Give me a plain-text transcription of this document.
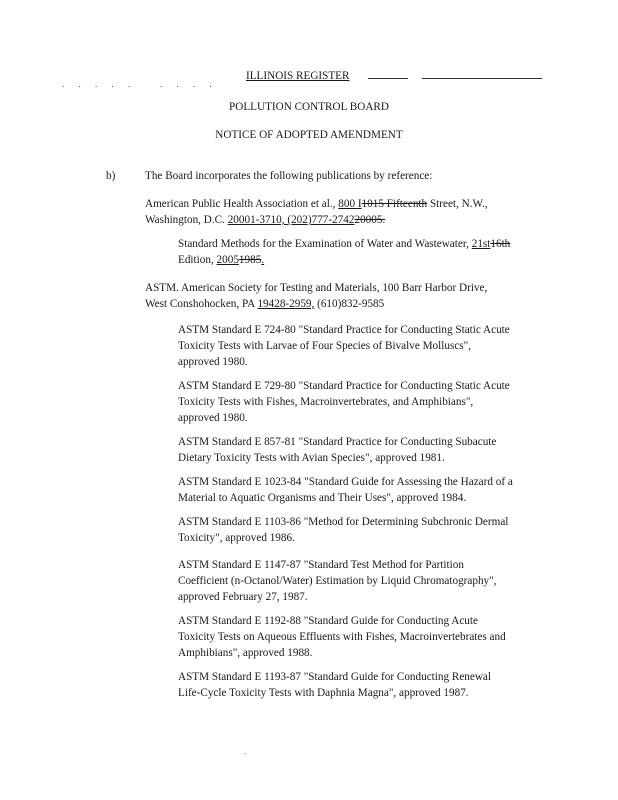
. . . . .	. . . .
ILLINOIS REGISTER
POLLUTION CONTROL BOARD
NOTICE OF ADOPTED AMENDMENT
b)	The Board incorporates the following publications by reference:
American Public Health Association et al., 800 I1015 Fifteenth Street, N.W.,
Washington, D.C. 20001-3710, (202)777-274220005.
Standard Methods for the Examination of Water and Wastewater, 21st16th
Edition, 20051985.
ASTM. American Society for Testing and Materials, 100 Barr Harbor Drive,
West Conshohocken, PA 19428-2959, (610)832-9585
ASTM Standard E 724-80 "Standard Practice for Conducting Static Acute
Toxicity Tests with Larvae of Four Species of Bivalve Molluscs",
approved 1980.
ASTM Standard E 729-80 "Standard Practice for Conducting Static Acute
Toxicity Tests with Fishes, Macroinvertebrates, and Amphibians",
approved 1980.
ASTM Standard E 857-81 "Standard Practice for Conducting Subacute
Dietary Toxicity Tests with Avian Species", approved 1981.
ASTM Standard E 1023-84 "Standard Guide for Assessing the Hazard of a
Material to Aquatic Organisms and Their Uses", approved 1984.
ASTM Standard E 1103-86 "Method for Determining Subchronic Dermal
Toxicity", approved 1986.
ASTM Standard E 1147-87 "Standard Test Method for Partition
Coefficient (n-Octanol/Water) Estimation by Liquid Chromatography",
approved February 27, 1987.
ASTM Standard E 1192-88 "Standard Guide for Conducting Acute
Toxicity Tests on Aqueous Effluents with Fishes, Macroinvertebrates and
Amphibians", approved 1988.
ASTM Standard E 1193-87 "Standard Guide for Conducting Renewal
Life-Cycle Toxicity Tests with Daphnia Magna", approved 1987.
.
